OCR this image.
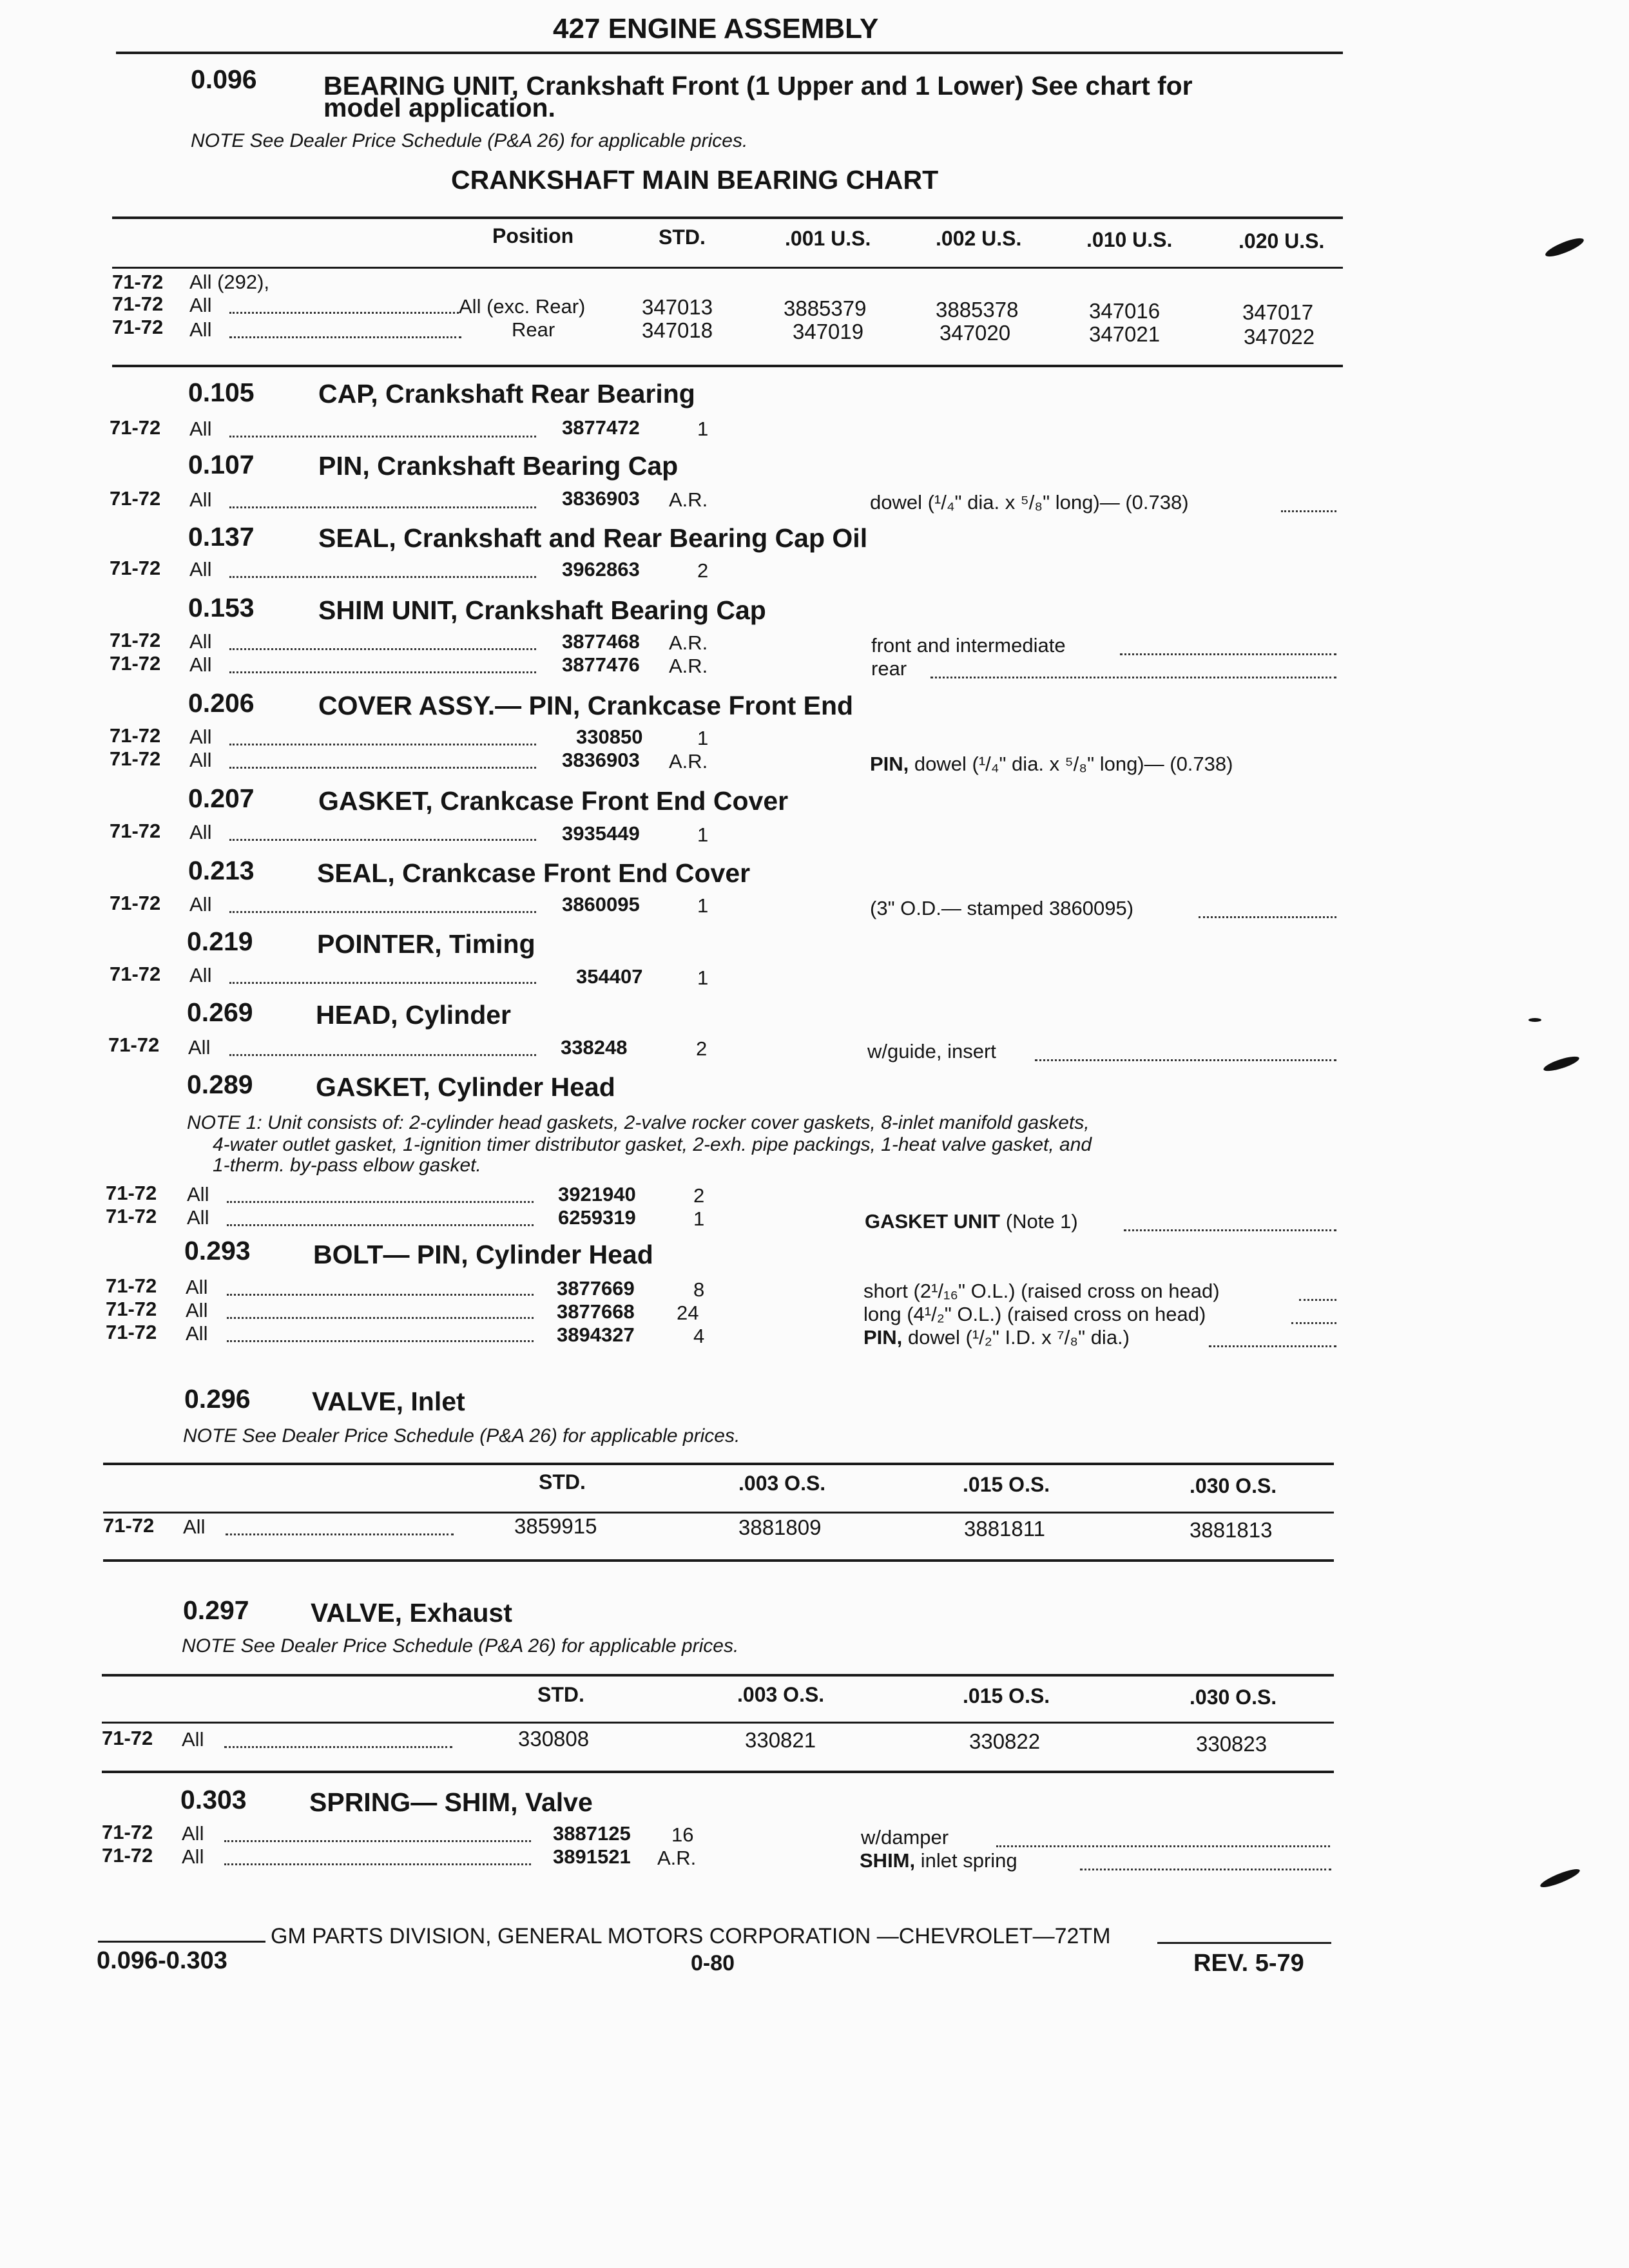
427 ENGINE ASSEMBLY
0.096	BEARING UNIT, Crankshaft Front (1 Upper and 1 Lower) See chart for
model application.
NOTE See Dealer Price Schedule (P&A 26) for applicable prices.
CRANKSHAFT MAIN BEARING CHART
Position	STD.	.001 U.S.	.002 U.S.	.010 U.S.	.020 U.S.
71-72 All (292),
71-72 All	All (exc. Rear)	347013	3885379	3885378	347016	347017
71-72 All	Rear	347018	347019	347020	347021	347022
0.105 CAP, Crankshaft Rear Bearing
71-72 All	3877472	1
0.107 PIN, Crankshaft Bearing Cap
71-72 All	3836903 A.R.	dowel (¹/₄" dia. x ⁵/₈" long)— (0.738)
0.137 SEAL, Crankshaft and Rear Bearing Cap Oil
71-72 All	3962863	2
0.153 SHIM UNIT, Crankshaft Bearing Cap
71-72 All	3877468 A.R.	front and intermediate
71-72 All	3877476 A.R.	rear
0.206 COVER ASSY.— PIN, Crankcase Front End
71-72 All	330850	1
71-72 All	3836903 A.R.	PIN, dowel (¹/₄" dia. x ⁵/₈" long)— (0.738)
0.207 GASKET, Crankcase Front End Cover
71-72 All	3935449	1
0.213 SEAL, Crankcase Front End Cover
71-72 All	3860095	1	(3" O.D.— stamped 3860095)
0.219 POINTER, Timing
71-72 All	354407	1
0.269 HEAD, Cylinder
71-72 All	338248	2	w/guide, insert
0.289 GASKET, Cylinder Head
NOTE 1: Unit consists of: 2-cylinder head gaskets, 2-valve rocker cover gaskets, 8-inlet manifold gaskets,
4-water outlet gasket, 1-ignition timer distributor gasket, 2-exh. pipe packings, 1-heat valve gasket, and
1-therm. by-pass elbow gasket.
71-72 All	3921940	2
71-72 All	6259319	1	GASKET UNIT (Note 1)
0.293 BOLT— PIN, Cylinder Head
71-72 All	3877669	8	short (2¹/₁₆" O.L.) (raised cross on head)
71-72 All	3877668 24	long (4¹/₂" O.L.) (raised cross on head)
71-72 All	3894327	4	PIN, dowel (¹/₂" I.D. x ⁷/₈" dia.)
0.296 VALVE, Inlet
NOTE See Dealer Price Schedule (P&A 26) for applicable prices.
STD.	.003 O.S.	.015 O.S.	.030 O.S.
71-72 All	3859915	3881809	3881811	3881813
0.297 VALVE, Exhaust
NOTE See Dealer Price Schedule (P&A 26) for applicable prices.
STD.	.003 O.S.	.015 O.S.	.030 O.S.
71-72 All	330808	330821	330822	330823
0.303 SPRING— SHIM, Valve
71-72 All	3887125 16	w/damper
71-72 All	3891521 A.R.	SHIM, inlet spring
GM PARTS DIVISION, GENERAL MOTORS CORPORATION —CHEVROLET—72TM
0.096-0.303	0-80	REV. 5-79
